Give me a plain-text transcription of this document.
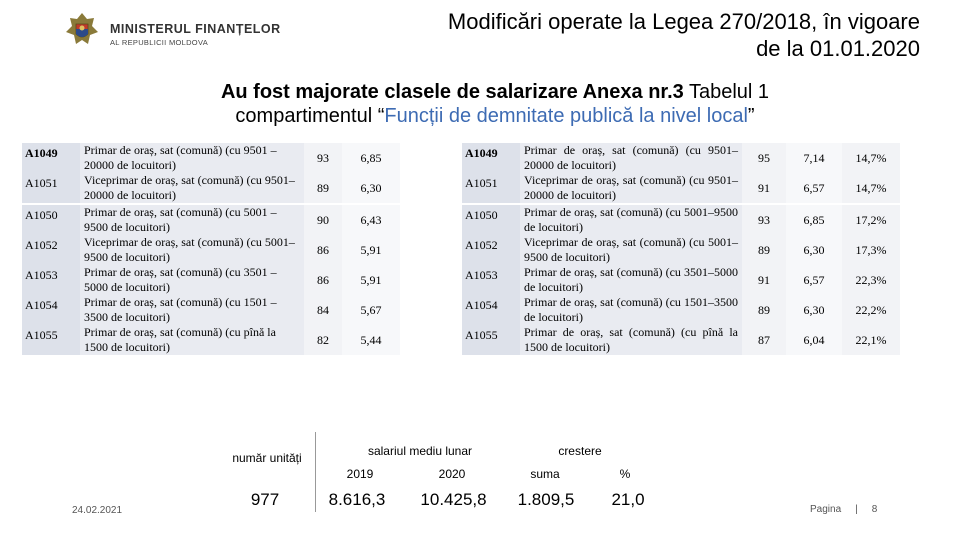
MINISTERUL FINANȚELOR
AL REPUBLICII MOLDOVA
Modificări operate la Legea 270/2018, în vigoare
de la 01.01.2020
Au fost majorate clasele de salarizare Anexa nr.3 Tabelul 1
compartimentul “Funcții de demnitate publică la nivel local”
A1049	Primar de oraș, sat (comună) (cu 9501 –20000 de locuitori)	93	6,85
A1051	Viceprimar de oraș, sat (comună) (cu 9501–20000 de locuitori)	89	6,30
A1050	Primar de oraș, sat (comună) (cu 5001 –9500 de locuitori)	90	6,43
A1052	Viceprimar de oraș, sat (comună) (cu 5001–9500 de locuitori)	86	5,91
A1053	Primar de oraș, sat (comună) (cu 3501 –5000 de locuitori)	86	5,91
A1054	Primar de oraș, sat (comună) (cu 1501 –3500 de locuitori)	84	5,67
A1055	Primar de oraș, sat (comună) (cu pînă la 1500 de locuitori)	82	5,44
A1049	Primar de oraș, sat (comună) (cu 9501–20000 de locuitori)	95	7,14	14,7%
A1051	Viceprimar de oraș, sat (comună) (cu 9501–20000 de locuitori)	91	6,57	14,7%
A1050	Primar de oraș, sat (comună) (cu 5001–9500 de locuitori)	93	6,85	17,2%
A1052	Viceprimar de oraș, sat (comună) (cu 5001–9500 de locuitori)	89	6,30	17,3%
A1053	Primar de oraș, sat (comună) (cu 3501–5000 de locuitori)	91	6,57	22,3%
A1054	Primar de oraș, sat (comună) (cu 1501–3500 de locuitori)	89	6,30	22,2%
A1055	Primar de oraș, sat (comună) (cu pînă la 1500 de locuitori)	87	6,04	22,1%
număr unități	salariul mediu lunar	crestere
2019	2020	suma	%
977	8.616,3	10.425,8	1.809,5	21,0
24.02.2021	Pagina | 8
